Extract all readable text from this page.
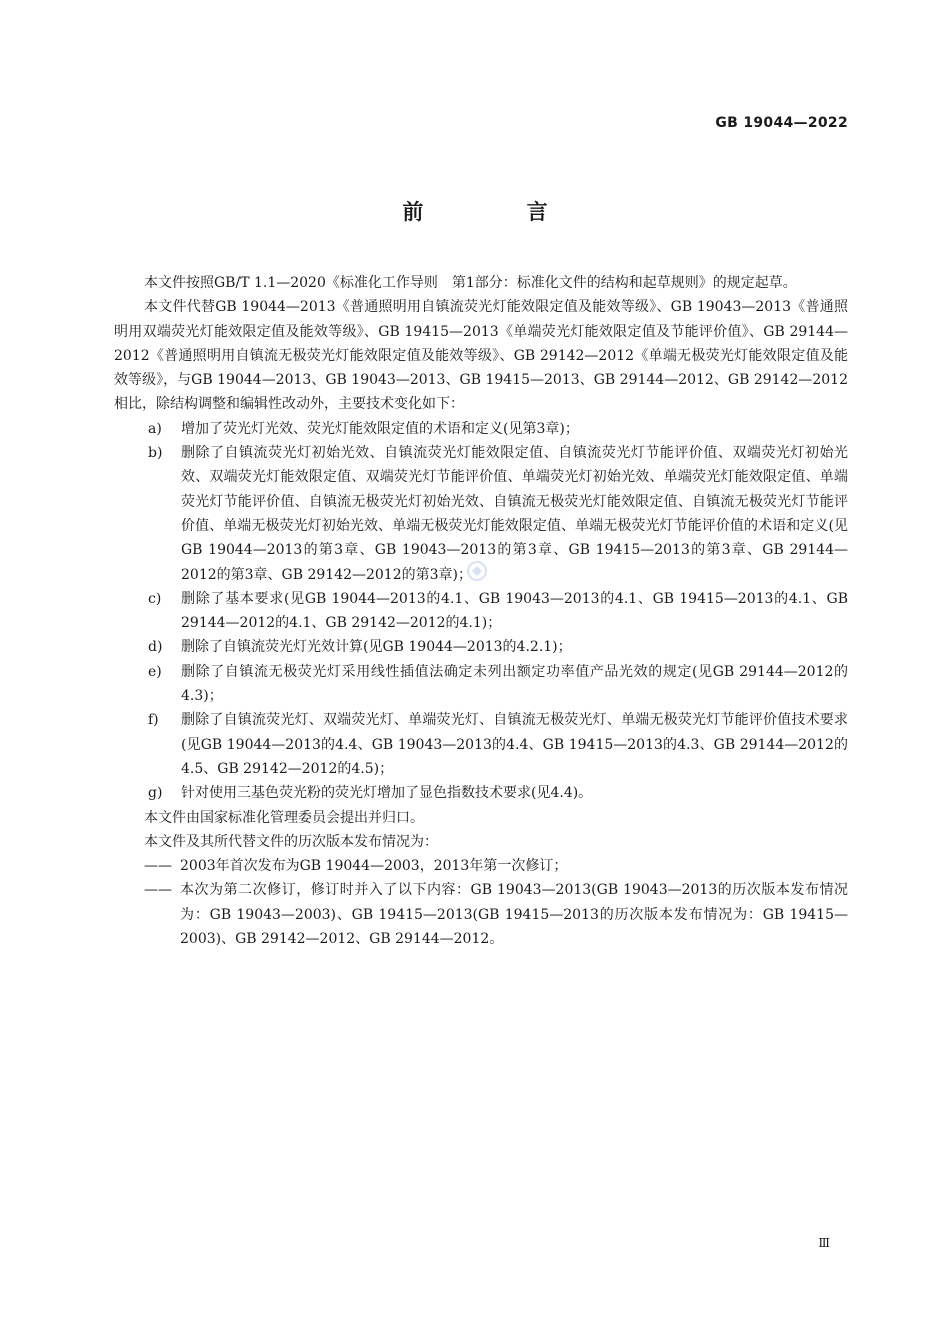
GB 19044—2022
前 言

本文件按照GB/T 1.1—2020《标准化工作导则　第1部分：标准化文件的结构和起草规则》的规定起草。

本文件代替GB 19044—2013《普通照明用自镇流荧光灯能效限定值及能效等级》、GB 19043—2013《普通照明用双端荧光灯能效限定值及能效等级》、GB 19415—2013《单端荧光灯能效限定值及节能评价值》、GB 29144—2012《普通照明用自镇流无极荧光灯能效限定值及能效等级》、GB 29142—2012《单端无极荧光灯能效限定值及能效等级》，与GB 19044—2013、GB 19043—2013、GB 19415—2013、GB 29144—2012、GB 29142—2012相比，除结构调整和编辑性改动外，主要技术变化如下：

a)	增加了荧光灯光效、荧光灯能效限定值的术语和定义(见第3章)；
b)	删除了自镇流荧光灯初始光效、自镇流荧光灯能效限定值、自镇流荧光灯节能评价值、双端荧光灯初始光效、双端荧光灯能效限定值、双端荧光灯节能评价值、单端荧光灯初始光效、单端荧光灯能效限定值、单端荧光灯节能评价值、自镇流无极荧光灯初始光效、自镇流无极荧光灯能效限定值、自镇流无极荧光灯节能评价值、单端无极荧光灯初始光效、单端无极荧光灯能效限定值、单端无极荧光灯节能评价值的术语和定义(见GB 19044—2013的第3章、GB 19043—2013的第3章、GB 19415—2013的第3章、GB 29144—2012的第3章、GB 29142—2012的第3章)；
c)	删除了基本要求(见GB 19044—2013的4.1、GB 19043—2013的4.1、GB 19415—2013的4.1、GB 29144—2012的4.1、GB 29142—2012的4.1)；
d)	删除了自镇流荧光灯光效计算(见GB 19044—2013的4.2.1)；
e)	删除了自镇流无极荧光灯采用线性插值法确定未列出额定功率值产品光效的规定(见GB 29144—2012的4.3)；
f)	删除了自镇流荧光灯、双端荧光灯、单端荧光灯、自镇流无极荧光灯、单端无极荧光灯节能评价值技术要求(见GB 19044—2013的4.4、GB 19043—2013的4.4、GB 19415—2013的4.3、GB 29144—2012的4.5、GB 29142—2012的4.5)；
g)	针对使用三基色荧光粉的荧光灯增加了显色指数技术要求(见4.4)。

本文件由国家标准化管理委员会提出并归口。

本文件及其所代替文件的历次版本发布情况为：

—— 2003年首次发布为GB 19044—2003，2013年第一次修订；
—— 本次为第二次修订，修订时并入了以下内容：GB 19043—2013(GB 19043—2013的历次版本发布情况为：GB 19043—2003)、GB 19415—2013(GB 19415—2013的历次版本发布情况为：GB 19415—2003)、GB 29142—2012、GB 29144—2012。
Ⅲ
